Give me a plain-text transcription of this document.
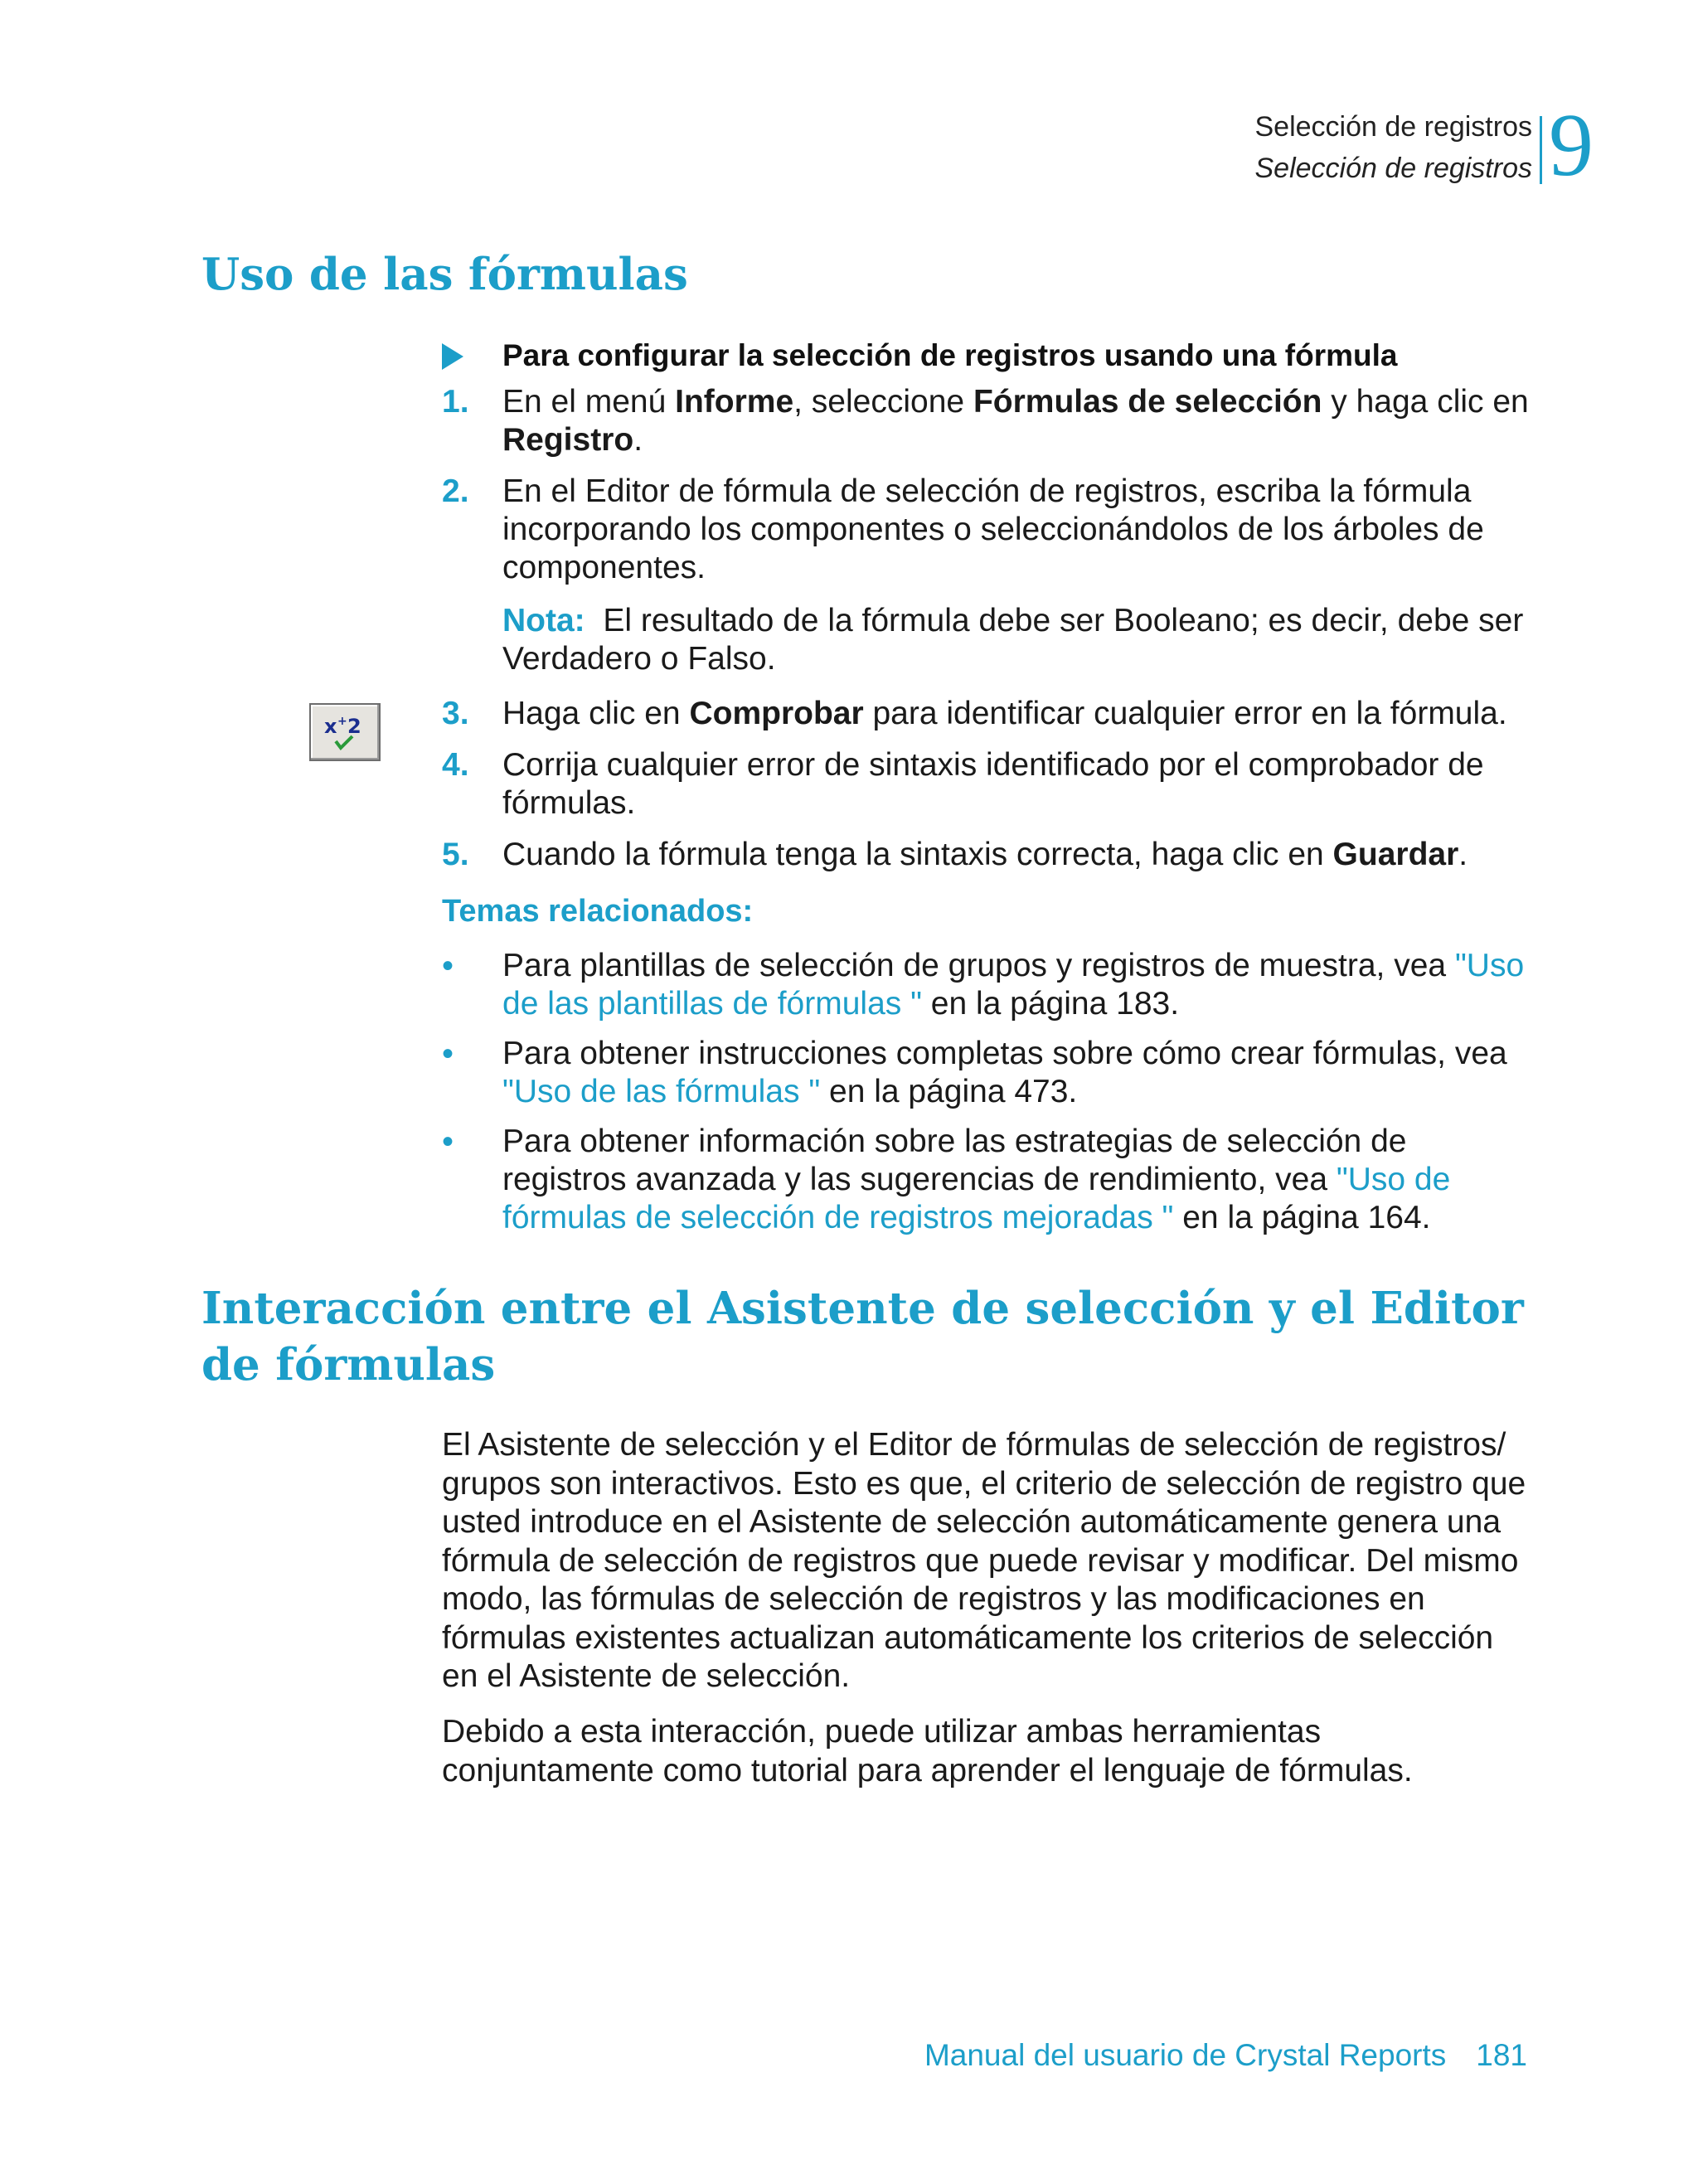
Selección de registros
Selección de registros 9
Uso de las fórmulas
Para configurar la selección de registros usando una fórmula
1. En el menú Informe, seleccione Fórmulas de selección y haga clic en Registro.
2. En el Editor de fórmula de selección de registros, escriba la fórmula incorporando los componentes o seleccionándolos de los árboles de componentes.
Nota: El resultado de la fórmula debe ser Booleano; es decir, debe ser Verdadero o Falso.
x + 2 3. Haga clic en Comprobar para identificar cualquier error en la fórmula.
4. Corrija cualquier error de sintaxis identificado por el comprobador de fórmulas.
5. Cuando la fórmula tenga la sintaxis correcta, haga clic en Guardar.
Temas relacionados:
• Para plantillas de selección de grupos y registros de muestra, vea "Uso de las plantillas de fórmulas " en la página 183.
• Para obtener instrucciones completas sobre cómo crear fórmulas, vea "Uso de las fórmulas " en la página 473.
• Para obtener información sobre las estrategias de selección de registros avanzada y las sugerencias de rendimiento, vea "Uso de fórmulas de selección de registros mejoradas " en la página 164.
Interacción entre el Asistente de selección y el Editor de fórmulas
El Asistente de selección y el Editor de fórmulas de selección de registros/ grupos son interactivos. Esto es que, el criterio de selección de registro que usted introduce en el Asistente de selección automáticamente genera una fórmula de selección de registros que puede revisar y modificar. Del mismo modo, las fórmulas de selección de registros y las modificaciones en fórmulas existentes actualizan automáticamente los criterios de selección en el Asistente de selección.
Debido a esta interacción, puede utilizar ambas herramientas conjuntamente como tutorial para aprender el lenguaje de fórmulas.
Manual del usuario de Crystal Reports 181
